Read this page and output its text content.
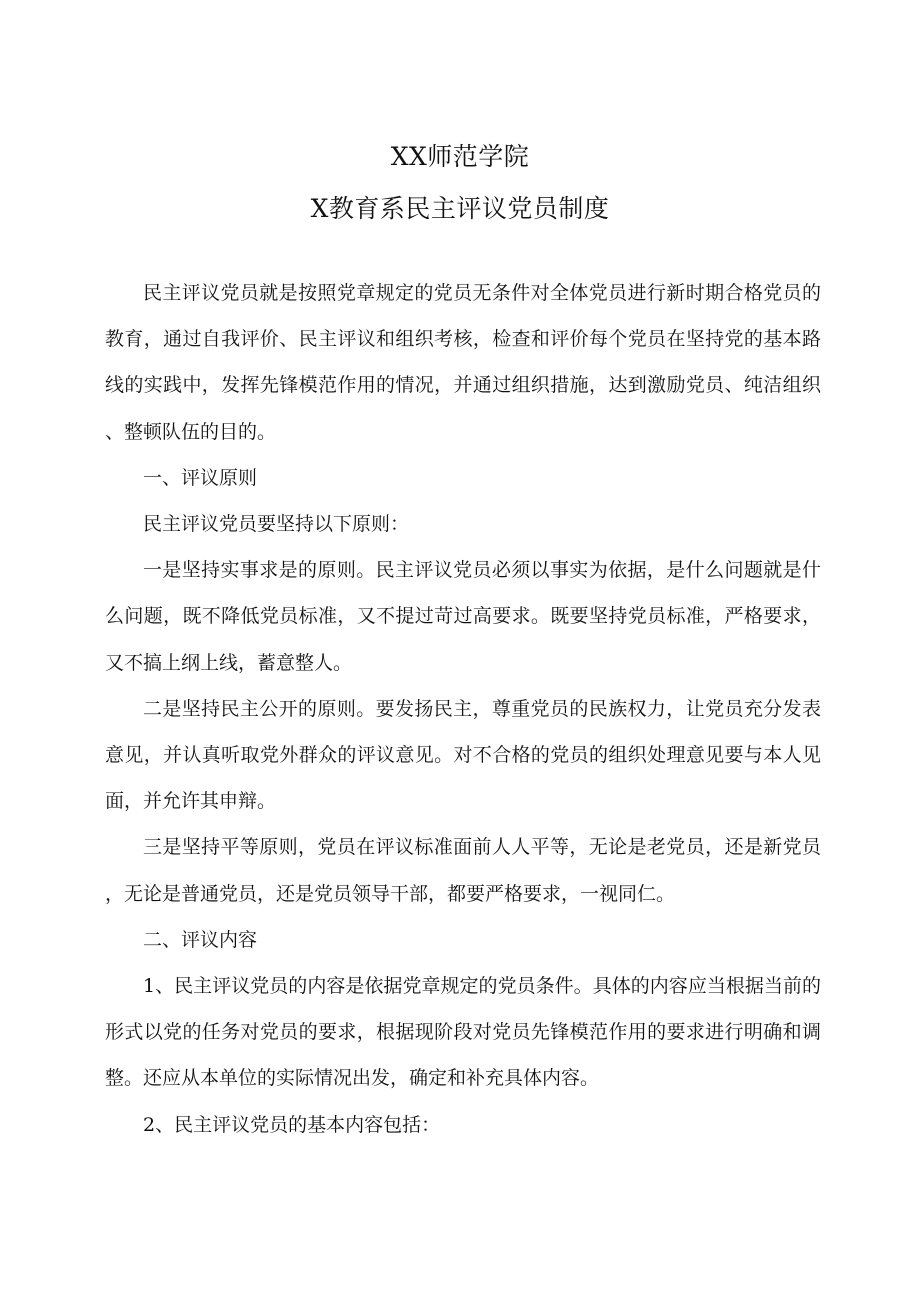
XX师范学院
X教育系民主评议党员制度

民主评议党员就是按照党章规定的党员无条件对全体党员进行新时期合格党员的教育，通过自我评价、民主评议和组织考核，检查和评价每个党员在坚持党的基本路线的实践中，发挥先锋模范作用的情况，并通过组织措施，达到激励党员、纯洁组织、整顿队伍的目的。

一、评议原则

民主评议党员要坚持以下原则：

一是坚持实事求是的原则。民主评议党员必须以事实为依据，是什么问题就是什么问题，既不降低党员标准，又不提过苛过高要求。既要坚持党员标准，严格要求，又不搞上纲上线，蓄意整人。

二是坚持民主公开的原则。要发扬民主，尊重党员的民族权力，让党员充分发表意见，并认真听取党外群众的评议意见。对不合格的党员的组织处理意见要与本人见面，并允许其申辩。

三是坚持平等原则，党员在评议标准面前人人平等，无论是老党员，还是新党员，无论是普通党员，还是党员领导干部，都要严格要求，一视同仁。

二、评议内容

1、民主评议党员的内容是依据党章规定的党员条件。具体的内容应当根据当前的形式以党的任务对党员的要求，根据现阶段对党员先锋模范作用的要求进行明确和调整。还应从本单位的实际情况出发，确定和补充具体内容。

2、民主评议党员的基本内容包括：
